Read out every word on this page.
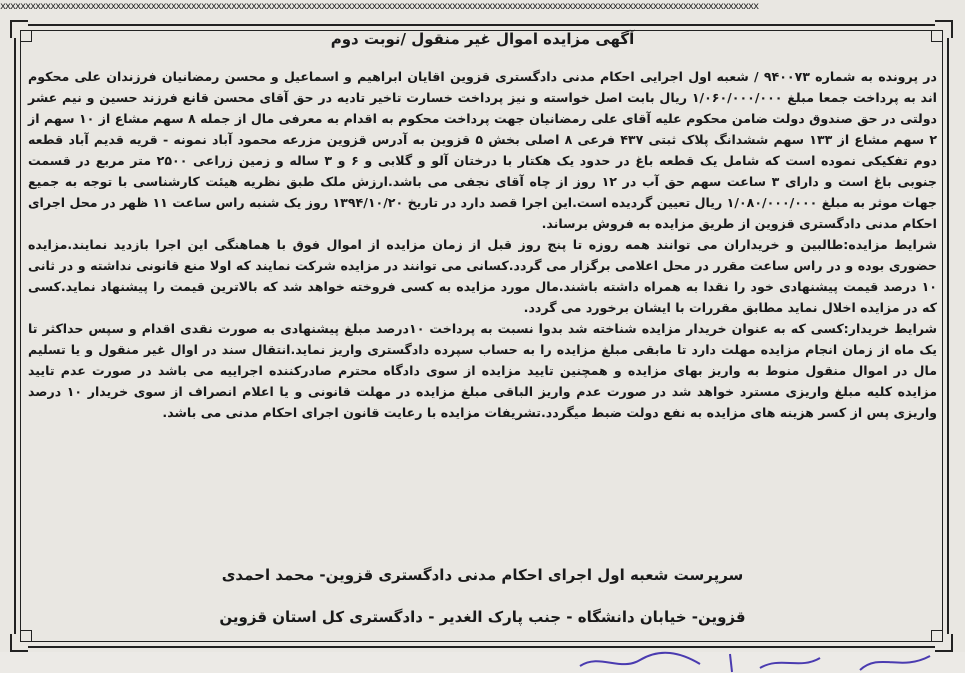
xxxxxxxxxxxxxxxxxxxxxxxxxxxxxxxxxxxxxxxxxxxxxxxxxxxxxxxxxxxxxxxxxxxxxxxxxxxxxxxxxxxxxxxxxxxxxxxxxxxxxxxxxxxxxxxxxxxxxxxxxxxxxxxxxxxxxxxxxxxxxxxxxxxxxxx
آگهی مزایده اموال غیر منقول /نوبت دوم

در پرونده به شماره ۹۴۰۰۷۳ / شعبه اول اجرایی احکام مدنی دادگستری قزوین اقایان ابراهیم و اسماعیل و محسن رمضانیان فرزندان علی محکوم اند به پرداخت جمعا مبلغ ۱/۰۶۰/۰۰۰/۰۰۰ ریال بابت اصل خواسته و نیز پرداخت خسارت تاخیر تادیه در حق آقای محسن قانع فرزند حسین و نیم عشر دولتی در حق صندوق دولت ضامن محکوم علیه آقای علی رمضانیان جهت پرداخت محکوم به اقدام به معرفی مال از جمله ۸ سهم مشاع از ۱۰ سهم از ۲ سهم مشاع از ۱۳۳ سهم ششدانگ پلاک ثبتی ۴۳۷ فرعی ۸ اصلی بخش ۵ قزوین به آدرس قزوین مزرعه محمود آباد نمونه - قریه قدیم آباد قطعه دوم تفکیکی نموده است که شامل یک قطعه باغ در حدود یک هکتار با درختان آلو و گلابی و ۶ و ۳ ساله و زمین زراعی ۲۵۰۰ متر مربع در قسمت جنوبی باغ است و دارای ۳ ساعت سهم حق آب در ۱۲ روز از چاه آقای نجفی می باشد.ارزش ملک طبق نظریه هیئت کارشناسی با توجه به جمیع جهات موثر به مبلغ ۱/۰۸۰/۰۰۰/۰۰۰ ریال تعیین گردیده است.این اجرا قصد دارد در تاریخ ۱۳۹۴/۱۰/۲۰ روز یک شنبه راس ساعت ۱۱ ظهر در محل اجرای احکام مدنی دادگستری قزوین از طریق مزایده به فروش برساند.

شرایط مزایده:طالبین و خریداران می توانند همه روزه تا پنج روز قبل از زمان مزایده از اموال فوق با هماهنگی این اجرا بازدید نمایند.مزایده حضوری بوده و در راس ساعت مقرر در محل اعلامی برگزار می گردد.کسانی می توانند در مزایده شرکت نمایند که اولا منع قانونی نداشته و در ثانی ۱۰ درصد قیمت پیشنهادی خود را نقدا به همراه داشته باشند.مال مورد مزایده به کسی فروخته خواهد شد که بالاترین قیمت را پیشنهاد نماید.کسی که در مزایده اخلال نماید مطابق مقررات با ایشان برخورد می گردد.

شرایط خریدار:کسی که به عنوان خریدار مزایده شناخته شد بدوا نسبت به پرداخت ۱۰درصد مبلغ پیشنهادی به صورت نقدی اقدام و سپس حداکثر تا یک ماه از زمان انجام مزایده مهلت دارد تا مابقی مبلغ مزایده را به حساب سپرده دادگستری واریز نماید.انتقال سند در اوال غیر منقول و یا تسلیم مال در اموال منقول منوط به واریز بهای مزایده و همچنین تایید مزایده از سوی دادگاه محترم صادرکننده اجراییه می باشد در صورت عدم تایید مزایده کلیه مبلغ واریزی مسترد خواهد شد در صورت عدم واریز الباقی مبلغ مزایده در مهلت قانونی و یا اعلام انصراف از سوی خریدار ۱۰ درصد واریزی پس از کسر هزینه های مزایده به نفع دولت ضبط میگردد.تشریفات مزایده با رعایت قانون اجرای احکام مدنی می باشد.

سرپرست شعبه اول اجرای احکام مدنی دادگستری قزوین- محمد احمدی
قزوین- خیابان دانشگاه - جنب پارک الغدیر - دادگستری کل استان قزوین
